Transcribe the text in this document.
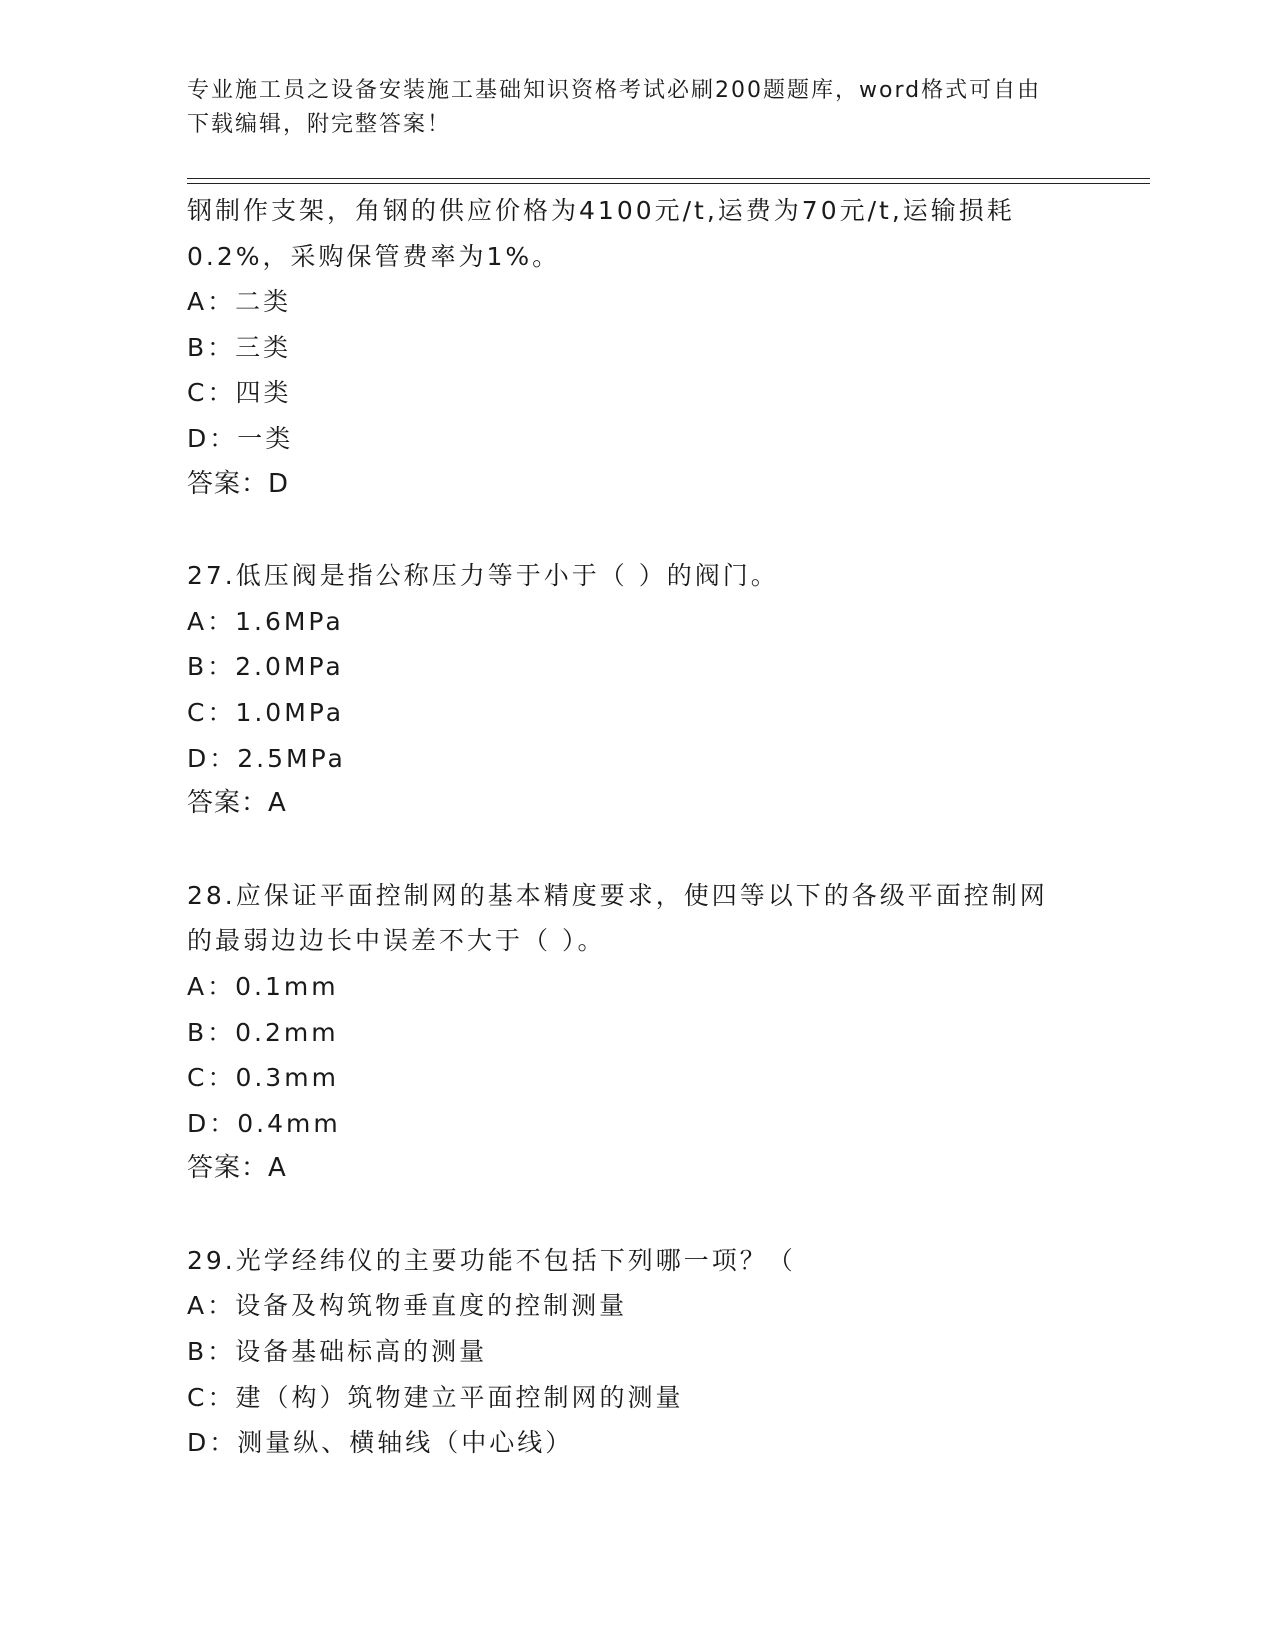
专业施工员之设备安装施工基础知识资格考试必刷200题题库，word格式可自由
下载编辑，附完整答案！
钢制作支架，角钢的供应价格为4100元/t,运费为70元/t,运输损耗
0.2%，采购保管费率为1%。
A：二类
B：三类
C：四类
D：一类
答案：D
27.低压阀是指公称压力等于小于（ ）的阀门。
A：1.6MPa
B：2.0MPa
C：1.0MPa
D：2.5MPa
答案：A
28.应保证平面控制网的基本精度要求，使四等以下的各级平面控制网
的最弱边边长中误差不大于（ ）。
A：0.1mm
B：0.2mm
C：0.3mm
D：0.4mm
答案：A
29.光学经纬仪的主要功能不包括下列哪一项？（
A：设备及构筑物垂直度的控制测量
B：设备基础标高的测量
C：建（构）筑物建立平面控制网的测量
D：测量纵、横轴线（中心线）
